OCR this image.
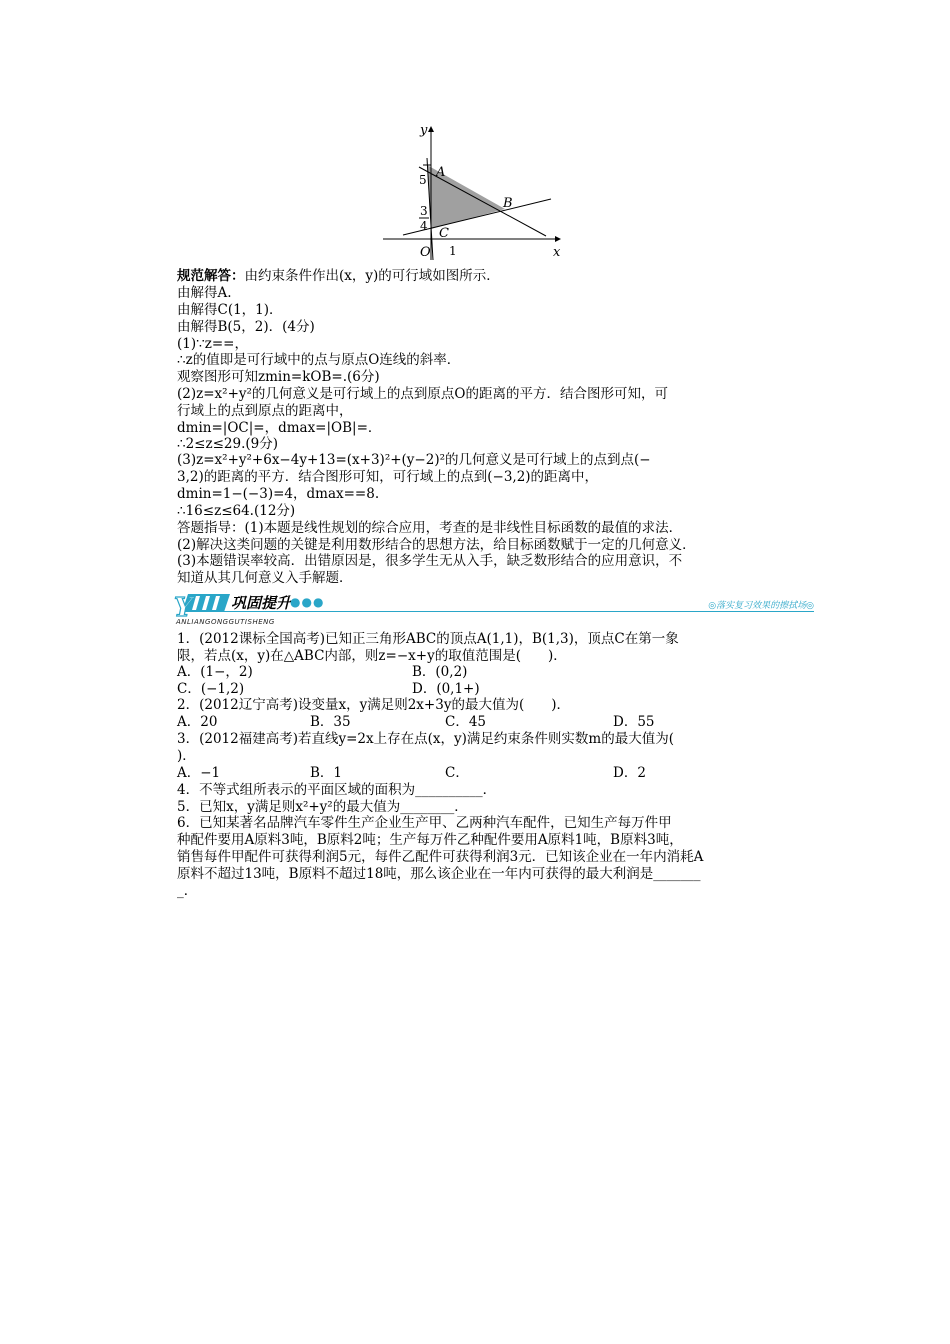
y
x
O
5
3
4
1
A
B
C
规范解答：由约束条件作出(x，y)的可行域如图所示．
由解得A.
由解得C(1，1)．
由解得B(5，2)．(4分)
(1)∵z==，
∴z的值即是可行域中的点与原点O连线的斜率．
观察图形可知zmin=kOB=.(6分)
(2)z=x²+y²的几何意义是可行域上的点到原点O的距离的平方．结合图形可知，可
行域上的点到原点的距离中，
dmin=|OC|=，dmax=|OB|=．
∴2≤z≤29.(9分)
(3)z=x²+y²+6x−4y+13=(x+3)²+(y−2)²的几何意义是可行域上的点到点(−
3,2)的距离的平方．结合图形可知，可行域上的点到(−3,2)的距离中，
dmin=1−(−3)=4，dmax==8.
∴16≤z≤64.(12分)
答题指导：(1)本题是线性规划的综合应用，考查的是非线性目标函数的最值的求法．
(2)解决这类问题的关键是利用数形结合的思想方法，给目标函数赋于一定的几何意义．
(3)本题错误率较高．出错原因是，很多学生无从入手，缺乏数形结合的应用意识，不
知道从其几何意义入手解题．
Y	巩固提升
●●●
ANLIANGONGGUTISHENG
◎落实复习效果的擦拭场◎
1．(2012课标全国高考)已知正三角形ABC的顶点A(1,1)，B(1,3)，顶点C在第一象
限，若点(x，y)在△ABC内部，则z=−x+y的取值范围是(　　)．
A．(1−，2)	B．(0,2)
C．(−1,2)	D．(0,1+)
2．(2012辽宁高考)设变量x，y满足则2x+3y的最大值为(　　)．
A．20	B．35	C．45	D．55
3．(2012福建高考)若直线y=2x上存在点(x，y)满足约束条件则实数m的最大值为(
)．
A．−1	B．1	C．	D．2
4．不等式组所表示的平面区域的面积为__________．
5．已知x，y满足则x²+y²的最大值为________．
6．已知某著名品牌汽车零件生产企业生产甲、乙两种汽车配件，已知生产每万件甲
种配件要用A原料3吨，B原料2吨；生产每万件乙种配件要用A原料1吨，B原料3吨，
销售每件甲配件可获得利润5元，每件乙配件可获得利润3元．已知该企业在一年内消耗A
原料不超过13吨，B原料不超过18吨，那么该企业在一年内可获得的最大利润是_______
_．
